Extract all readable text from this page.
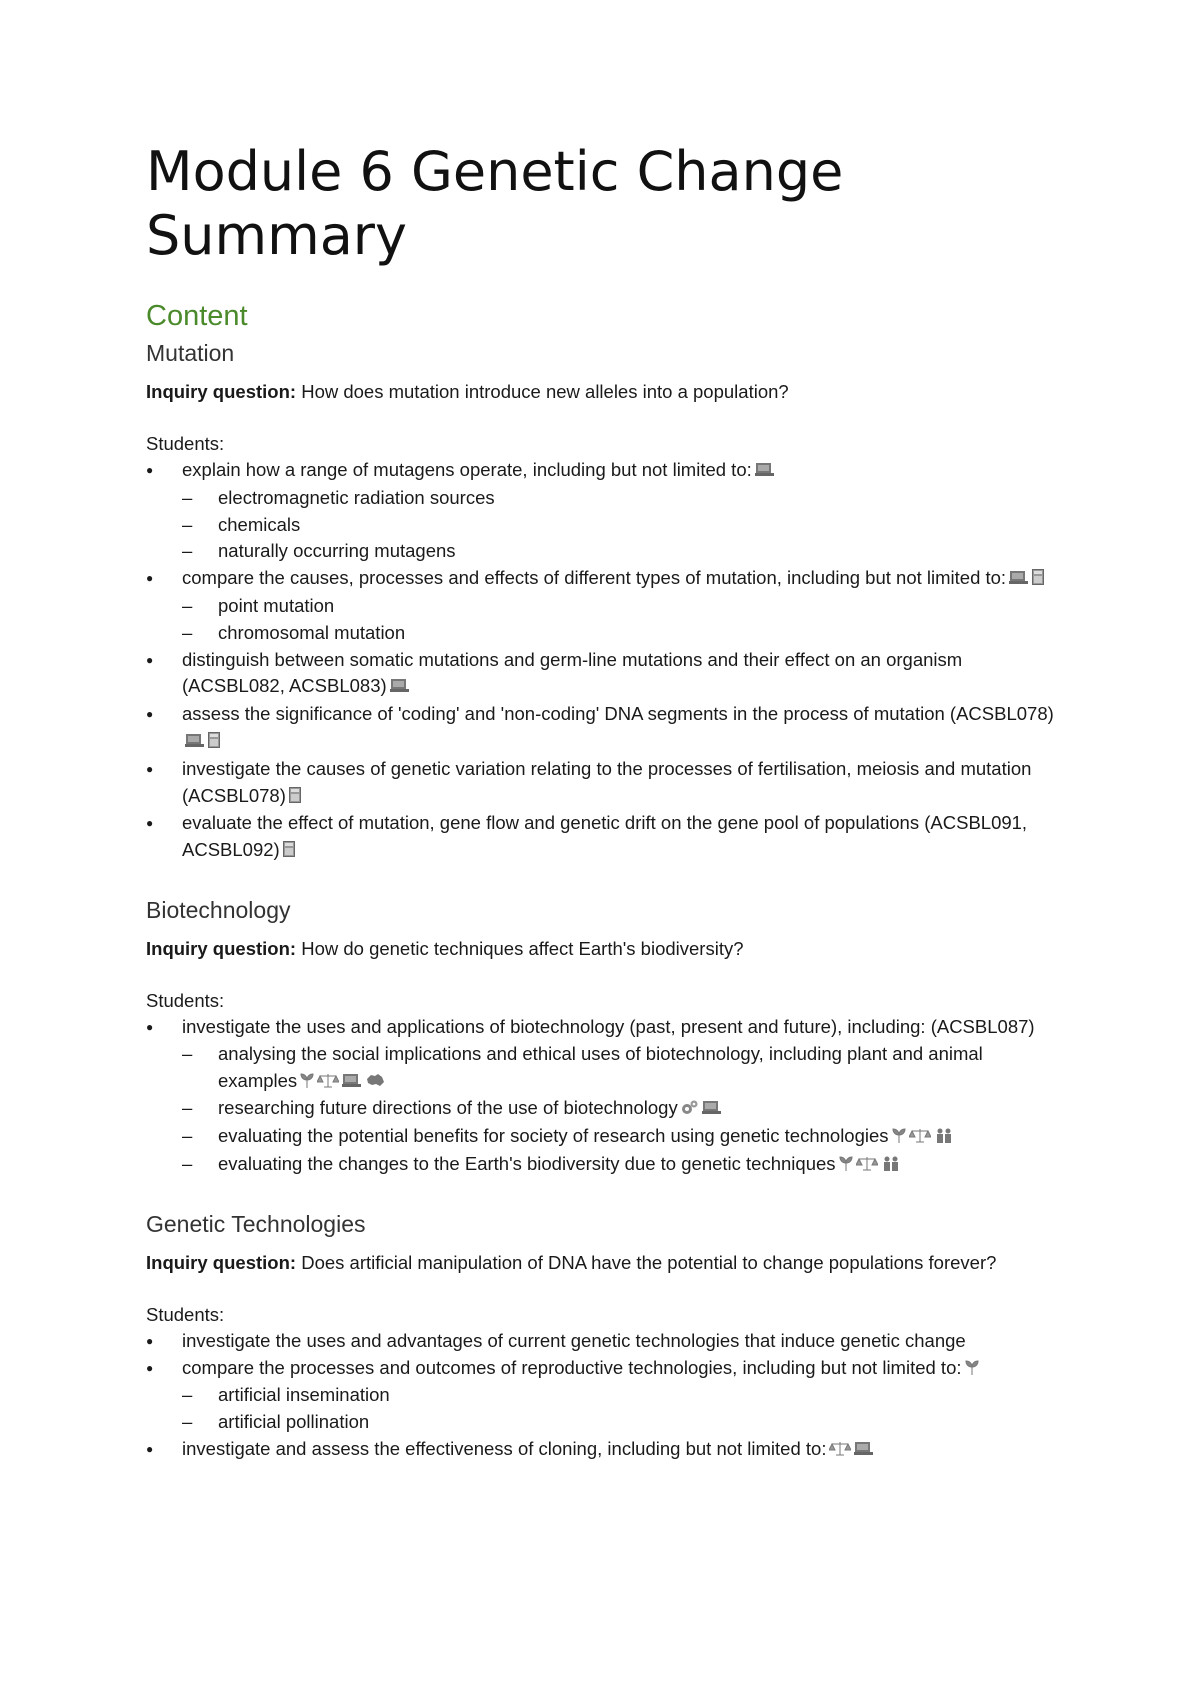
Module 6 Genetic Change Summary
Content
Mutation

Inquiry question: How does mutation introduce new alleles into a population?

Students:

● explain how a range of mutagens operate, including but not limited to:
– electromagnetic radiation sources
– chemicals
– naturally occurring mutagens
● compare the causes, processes and effects of different types of mutation, including but not limited to:
– point mutation
– chromosomal mutation
● distinguish between somatic mutations and germ-line mutations and their effect on an organism (ACSBL082, ACSBL083)
● assess the significance of 'coding' and 'non-coding' DNA segments in the process of mutation (ACSBL078)
● investigate the causes of genetic variation relating to the processes of fertilisation, meiosis and mutation (ACSBL078)
● evaluate the effect of mutation, gene flow and genetic drift on the gene pool of populations (ACSBL091, ACSBL092)
Biotechnology

Inquiry question: How do genetic techniques affect Earth's biodiversity?

Students:

● investigate the uses and applications of biotechnology (past, present and future), including: (ACSBL087)
– analysing the social implications and ethical uses of biotechnology, including plant and animal examples
– researching future directions of the use of biotechnology
– evaluating the potential benefits for society of research using genetic technologies
– evaluating the changes to the Earth's biodiversity due to genetic techniques
Genetic Technologies

Inquiry question: Does artificial manipulation of DNA have the potential to change populations forever?

Students:

● investigate the uses and advantages of current genetic technologies that induce genetic change
● compare the processes and outcomes of reproductive technologies, including but not limited to:
– artificial insemination
– artificial pollination
● investigate and assess the effectiveness of cloning, including but not limited to:
